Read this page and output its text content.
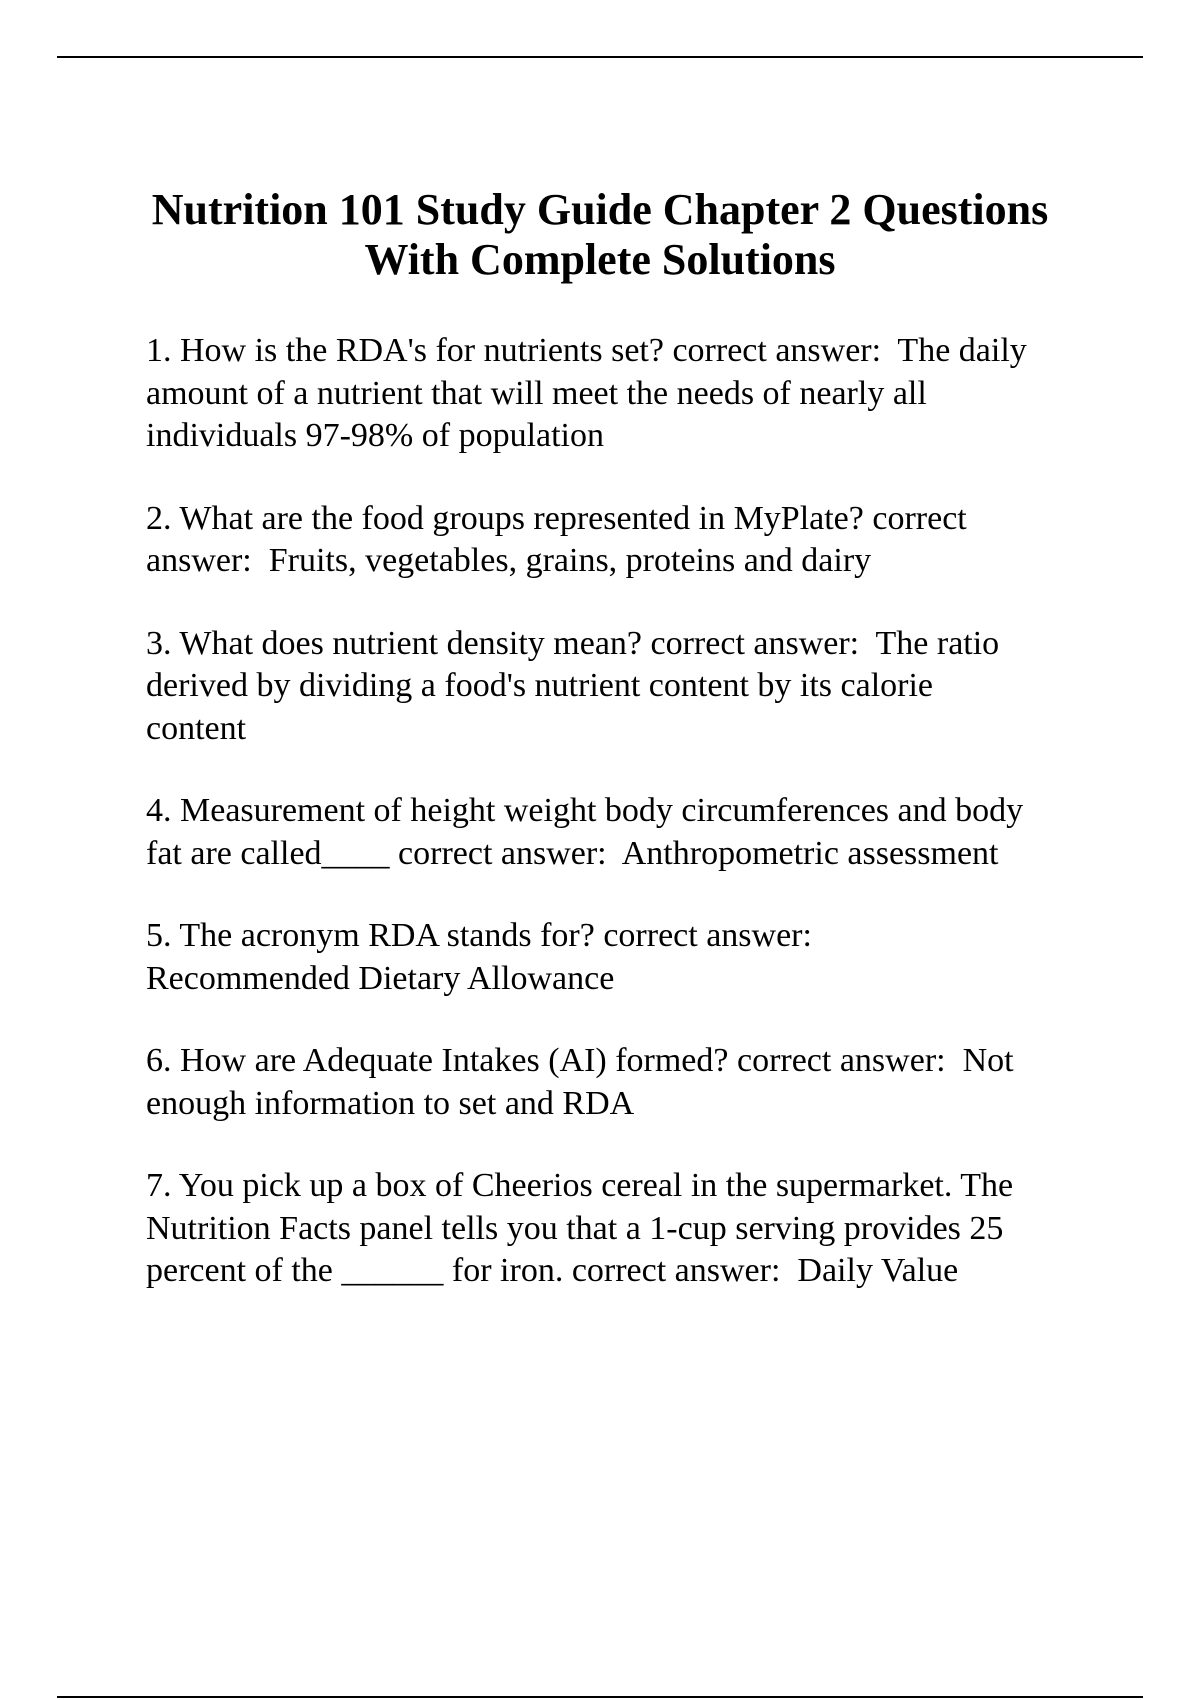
Nutrition 101 Study Guide Chapter 2 Questions
With Complete Solutions
1. How is the RDA's for nutrients set? correct answer:  The daily
amount of a nutrient that will meet the needs of nearly all
individuals 97-98% of population
2. What are the food groups represented in MyPlate? correct
answer:  Fruits, vegetables, grains, proteins and dairy
3. What does nutrient density mean? correct answer:  The ratio
derived by dividing a food's nutrient content by its calorie
content
4. Measurement of height weight body circumferences and body
fat are called____ correct answer:  Anthropometric assessment
5. The acronym RDA stands for? correct answer:
Recommended Dietary Allowance
6. How are Adequate Intakes (AI) formed? correct answer:  Not
enough information to set and RDA
7. You pick up a box of Cheerios cereal in the supermarket. The
Nutrition Facts panel tells you that a 1-cup serving provides 25
percent of the ______ for iron. correct answer:  Daily Value
